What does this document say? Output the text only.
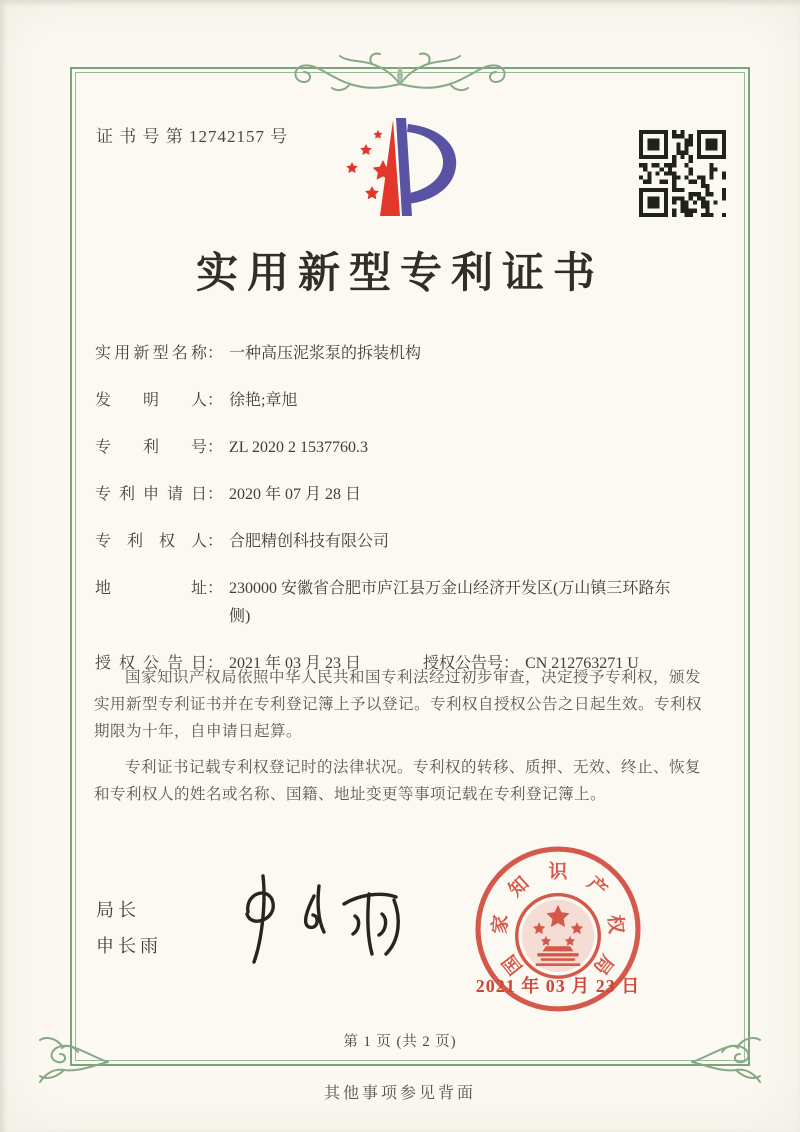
证 书 号 第 12742157 号
实用新型专利证书
实用新型名称 ： 一种高压泥浆泵的拆装机构
发明人 ： 徐艳;章旭
专利号 ： ZL 2020 2 1537760.3
专利申请日 ： 2020 年 07 月 28 日
专利权人 ： 合肥精创科技有限公司
地址 ： 230000 安徽省合肥市庐江县万金山经济开发区(万山镇三环路东侧)
授权公告日 ： 2021 年 03 月 23 日	授权公告号 ： CN 212763271 U

国家知识产权局依照中华人民共和国专利法经过初步审查，决定授予专利权，颁发实用新型专利证书并在专利登记簿上予以登记。专利权自授权公告之日起生效。专利权期限为十年，自申请日起算。

专利证书记载专利权登记时的法律状况。专利权的转移、质押、无效、终止、恢复和专利权人的姓名或名称、国籍、地址变更等事项记载在专利登记簿上。

局长
申长雨
国
家
知
识
产
权
局
2021 年 03 月 23 日
第 1 页 (共 2 页)
其他事项参见背面
